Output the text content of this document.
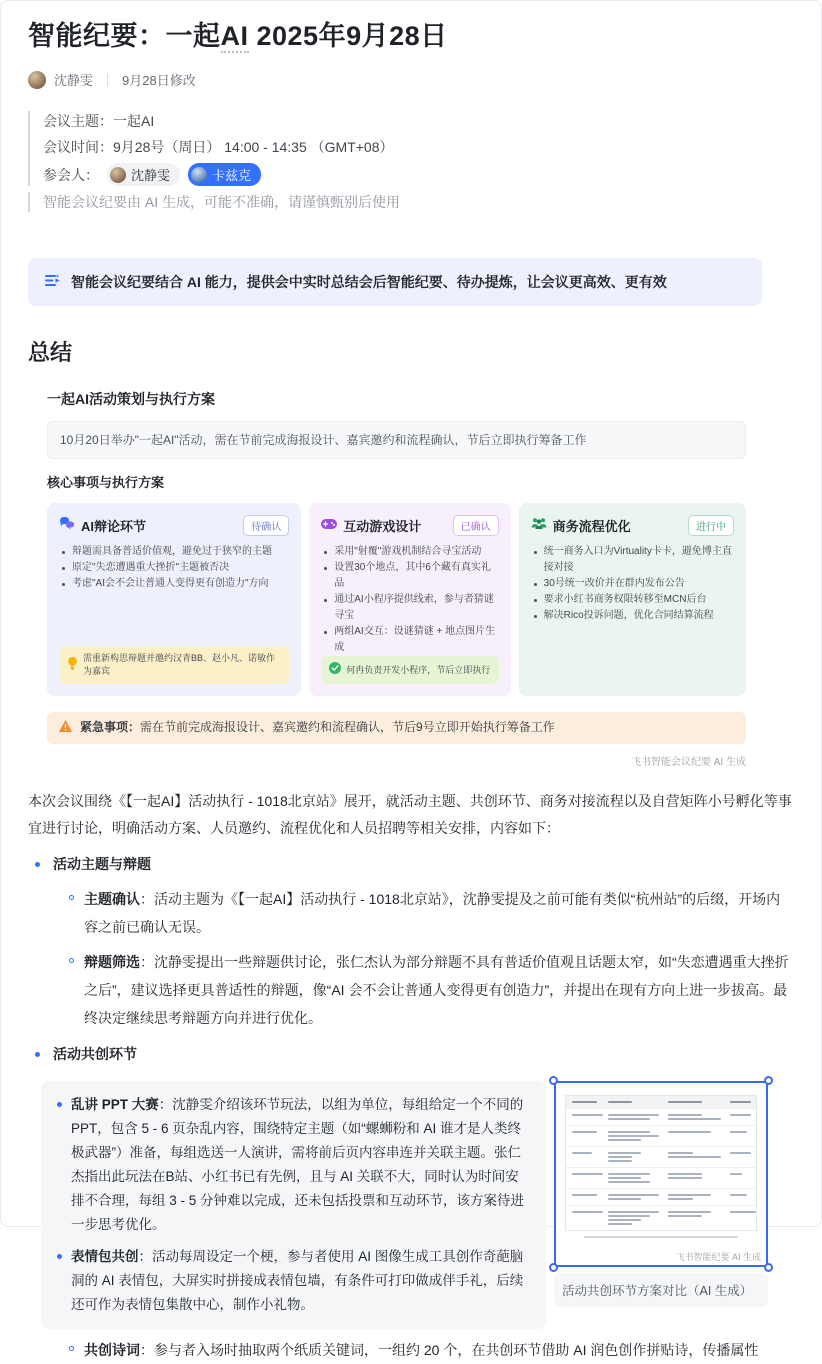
智能纪要：一起AI 2025年9月28日
沈静雯 9月28日修改

会议主题：一起AI

会议时间：9月28号（周日） 14:00 - 14:35 （GMT+08）

参会人： 沈静雯	卡兹克

智能会议纪要由 AI 生成，可能不准确，请谨慎甄别后使用

智能会议纪要结合 AI 能力，提供会中实时总结会后智能纪要、待办提炼，让会议更高效、更有效
总结
一起AI活动策划与执行方案
10月20日举办"一起AI"活动，需在节前完成海报设计、嘉宾邀约和流程确认，节后立即执行筹备工作
核心事项与执行方案
AI辩论环节	待确认
辩题需具备普适价值观，避免过于狭窄的主题
原定"失恋遭遇重大挫折"主题被否决
考虑"AI会不会让普通人变得更有创造力"方向
需重新构思辩题并邀约汉青BB、赵小凡、诺敏作为嘉宾
互动游戏设计	已确认
采用"射覆"游戏机制结合寻宝活动
设置30个地点，其中6个藏有真实礼品
通过AI小程序提供线索，参与者猜谜寻宝
两组AI交互：设谜猜谜 + 地点图片生成
何冉负责开发小程序，节后立即执行
商务流程优化	进行中
统一商务入口为Virtuality卡卡，避免博主直接对接
30号统一改价并在群内发布公告
要求小红书商务权限转移至MCN后台
解决Rico投诉问题，优化合同结算流程
紧急事项：需在节前完成海报设计、嘉宾邀约和流程确认，节后9号立即开始执行筹备工作
飞书智能会议纪要 AI 生成

本次会议围绕《【一起AI】活动执行 - 1018北京站》展开，就活动主题、共创环节、商务对接流程以及自营矩阵小号孵化等事宜进行讨论，明确活动方案、人员邀约、流程优化和人员招聘等相关安排，内容如下：

活动主题与辩题

主题确认：活动主题为《【一起AI】活动执行 - 1018北京站》，沈静雯提及之前可能有类似“杭州站”的后缀，开场内容之前已确认无误。

辩题筛选：沈静雯提出一些辩题供讨论，张仁杰认为部分辩题不具有普适价值观且话题太窄，如“失恋遭遇重大挫折之后”，建议选择更具普适性的辩题，像“AI 会不会让普通人变得更有创造力”，并提出在现有方向上进一步拔高。最终决定继续思考辩题方向并进行优化。

活动共创环节

乱讲 PPT 大赛：沈静雯介绍该环节玩法，以组为单位，每组给定一个不同的 PPT，包含 5 - 6 页杂乱内容，围绕特定主题（如“螺蛳粉和 AI 谁才是人类终极武器”）准备，每组选送一人演讲，需将前后页内容串连并关联主题。张仁杰指出此玩法在B站、小红书已有先例，且与 AI 关联不大，同时认为时间安排不合理，每组 3 - 5 分钟难以完成，还未包括投票和互动环节，该方案待进一步思考优化。

表情包共创：活动每周设定一个梗，参与者使用 AI 图像生成工具创作奇葩脑洞的 AI 表情包，大屏实时拼接成表情包墙，有条件可打印做成伴手礼，后续还可作为表情包集散中心，制作小礼物。

飞书智能纪要 AI 生成
活动共创环节方案对比（AI 生成）

共创诗词：参与者入场时抽取两个纸质关键词，一组约 20 个，在共创环节借助 AI 润色创作拼贴诗，传播属性
